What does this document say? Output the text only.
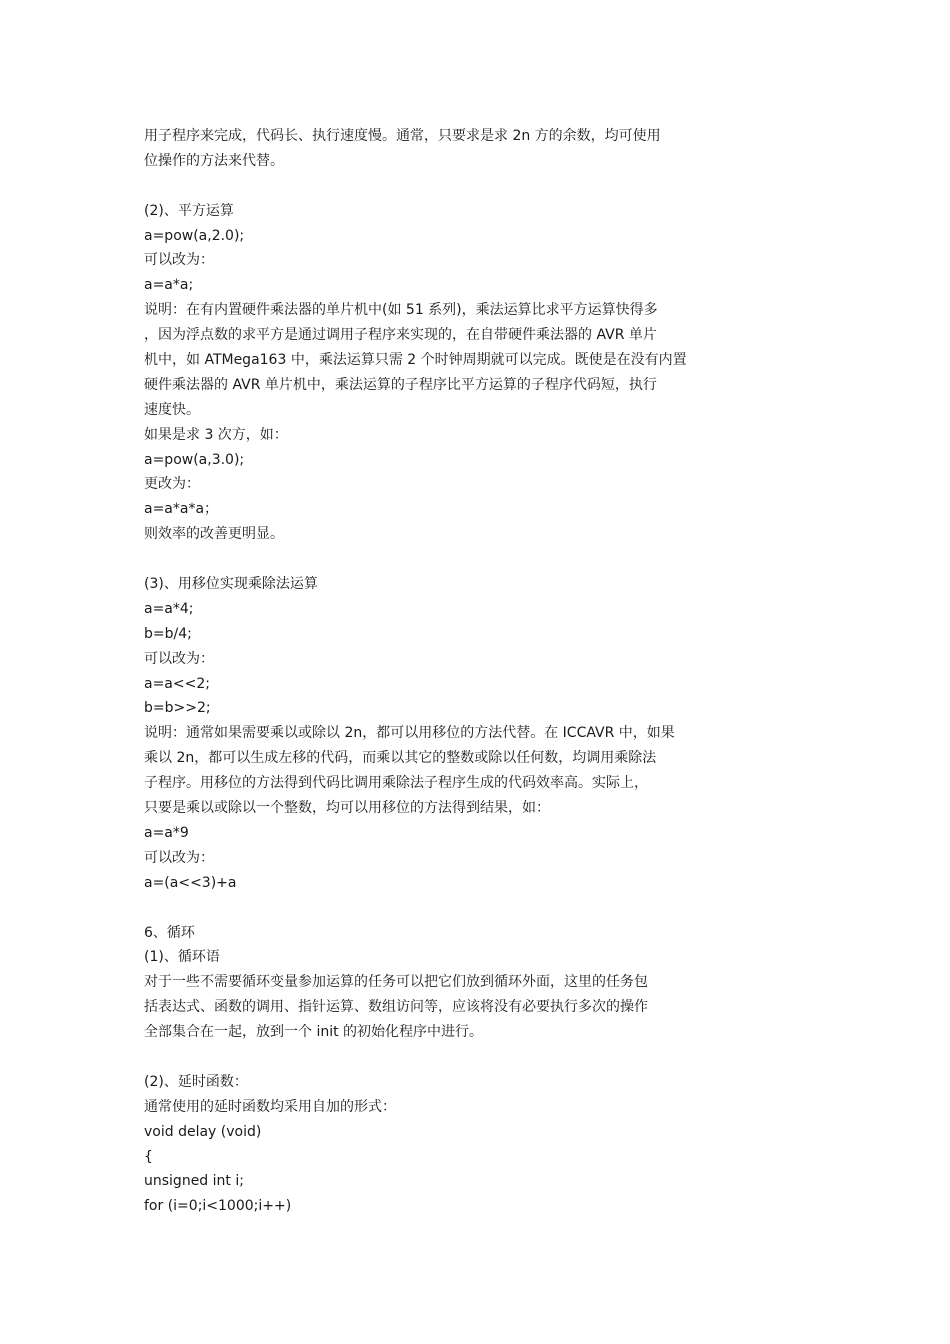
用子程序来完成，代码长、执行速度慢。通常，只要求是求 2n 方的余数，均可使用
位操作的方法来代替。
(2)、平方运算
a=pow(a,2.0);
可以改为：
a=a*a;
说明：在有内置硬件乘法器的单片机中(如 51 系列)，乘法运算比求平方运算快得多
，因为浮点数的求平方是通过调用子程序来实现的，在自带硬件乘法器的 AVR 单片
机中，如 ATMega163 中，乘法运算只需 2 个时钟周期就可以完成。既使是在没有内置
硬件乘法器的 AVR 单片机中，乘法运算的子程序比平方运算的子程序代码短，执行
速度快。
如果是求 3 次方，如：
a=pow(a,3.0);
更改为：
a=a*a*a；
则效率的改善更明显。
(3)、用移位实现乘除法运算
a=a*4;
b=b/4;
可以改为：
a=a<<2;
b=b>>2;
说明：通常如果需要乘以或除以 2n，都可以用移位的方法代替。在 ICCAVR 中，如果
乘以 2n，都可以生成左移的代码，而乘以其它的整数或除以任何数，均调用乘除法
子程序。用移位的方法得到代码比调用乘除法子程序生成的代码效率高。实际上，
只要是乘以或除以一个整数，均可以用移位的方法得到结果，如：
a=a*9
可以改为：
a=(a<<3)+a
6、循环
(1)、循环语
对于一些不需要循环变量参加运算的任务可以把它们放到循环外面，这里的任务包
括表达式、函数的调用、指针运算、数组访问等，应该将没有必要执行多次的操作
全部集合在一起，放到一个 init 的初始化程序中进行。
(2)、延时函数：
通常使用的延时函数均采用自加的形式：
void delay (void)
{
unsigned int i;
for (i=0;i<1000;i++)
